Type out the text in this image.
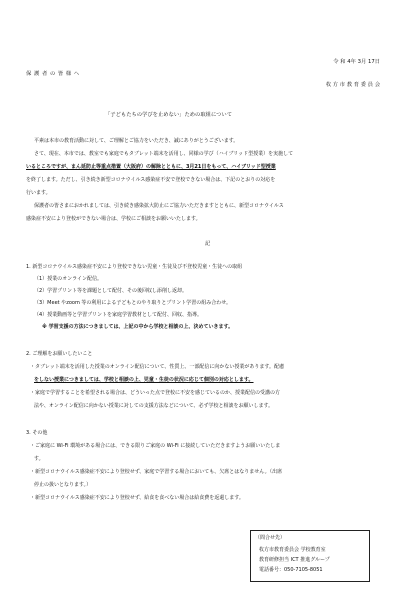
令 和 4年 3月 17日
保 護 者 の 皆 様 へ
枚 方 市 教 育 委 員 会
「子どもたちの学びを止めない」ための取組について
平素は本市の教育活動に対して、ご理解とご協力をいただき、誠にありがとうございます。
さて、現在、本市では、教室でも家庭でもタブレット端末を活用し、同様の学び（ハイブリッド型授業）を実施して
いるところですが、まん延防止等重点措置（大阪府）の解除とともに、3月21日をもって、ハイブリッド型授業
を終了します。ただし、引き続き新型コロナウイルス感染症不安で登校できない場合は、下記のとおりの対応を
行います。
保護者の皆さまにおかれましては、引き続き感染拡大防止にご協力いただきますとともに、新型コロナウイルス
感染症不安により登校ができない場合は、学校にご相談をお願いいたします。
記
1. 新型コロナウイルス感染症不安により登校できない児童・生徒及び不登校児童・生徒への取組
（1）授業のオンライン配信。
（2）学習プリント等を課題として配付、その後回収し添削し返却。
（3）Meet やzoom 等の利用による子どもとのやり取りとプリント学習の組み合わせ。
（4）授業動画等と学習プリントを家庭学習教材として配付、回収、指導。
※ 学習支援の方法につきましては、上記の中から学校と相談の上、決めていきます。
2. ご理解をお願いしたいこと
・タブレット端末を活用した授業のオンライン配信について、性質上、一部配信に向かない授業があります。配慮
をしない授業につきましては、学校と相談の上、児童・生徒の状況に応じて個別の対応とします。
・家庭で学習することを希望される場合は、どういった点で登校に不安を感じているのか、授業配信の受講の方
法や、オンライン配信に向かない授業に対しての支援方法などについて、必ず学校と相談をお願いします。
3. その他
・ご家庭に Wi-Fi 環境がある場合には、できる限りご家庭の Wi-Fi に接続していただきますようお願いいたしま
す。
・新型コロナウイルス感染症不安により登校せず、家庭で学習する場合においても、欠席とはなりません。（出席
停止の扱いとなります。）
・新型コロナウイルス感染症不安により登校せず、給食を食べない場合は給食費を返還します。
（問合せ先）
枚方市教育委員会 学校教育室
教育研修担当 ICT 推進グループ
電話番号：050-7105-8051
